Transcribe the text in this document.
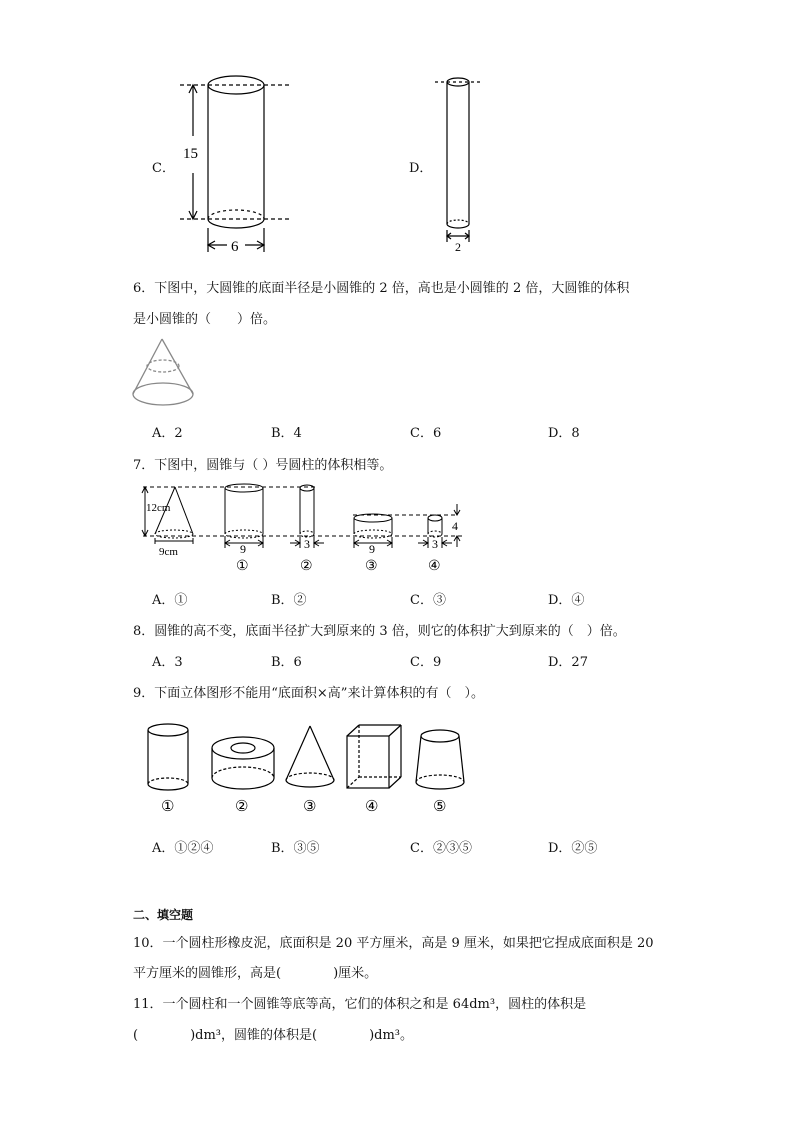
C．
15
6
D．
2
6．下图中，大圆锥的底面半径是小圆锥的 2 倍，高也是小圆锥的 2 倍，大圆锥的体积
是小圆锥的（　　）倍。
A．2	B．4	C．6	D．8
7．下图中，圆锥与（ ）号圆柱的体积相等。
12cm
9cm	9	3	9	3
4
①	②	③	④
A．①	B．②	C．③	D．④
8．圆锥的高不变，底面半径扩大到原来的 3 倍，则它的体积扩大到原来的（　）倍。
A．3	B．6	C．9	D．27
9．下面立体图形不能用“底面积×高”来计算体积的有（　）。
①	②	③	④	⑤
A．①②④	B．③⑤	C．②③⑤	D．②⑤
二、填空题
10．一个圆柱形橡皮泥，底面积是 20 平方厘米，高是 9 厘米，如果把它捏成底面积是 20
平方厘米的圆锥形，高是(　　　　)厘米。
11．一个圆柱和一个圆锥等底等高，它们的体积之和是 64dm³，圆柱的体积是
(　　　　)dm³，圆锥的体积是(　　　　)dm³。
